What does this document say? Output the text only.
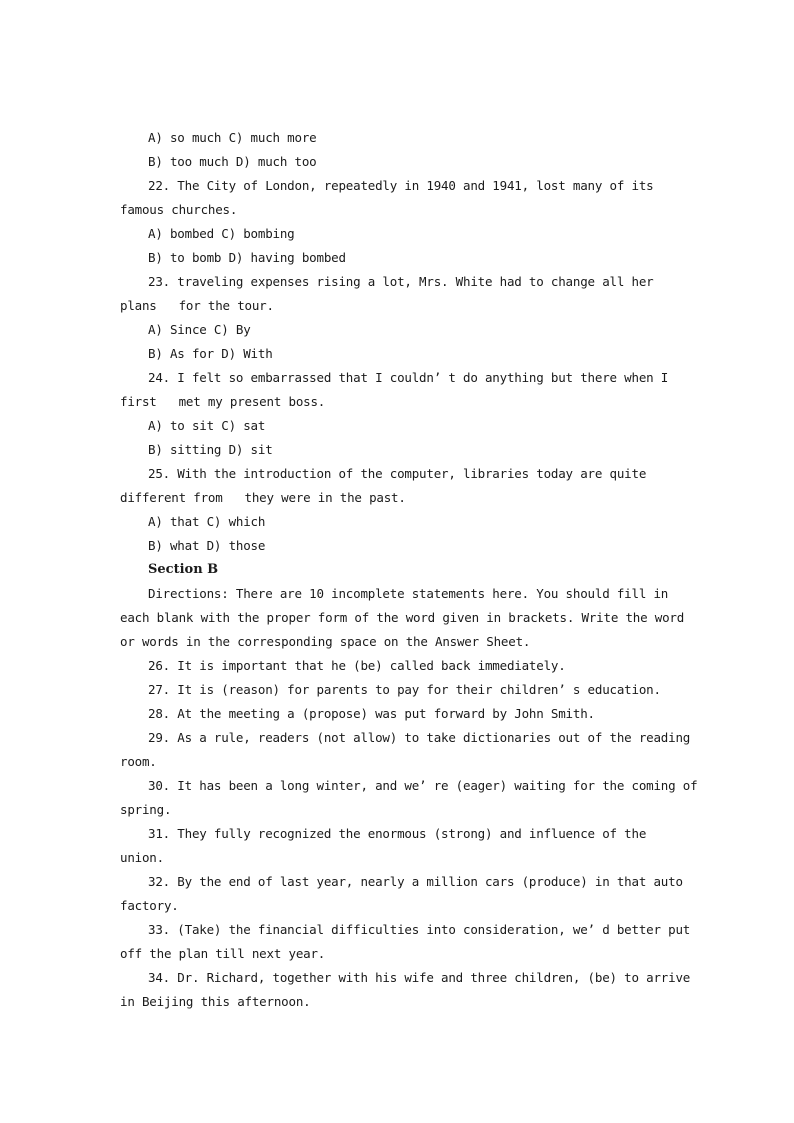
A) so much C) much more
B) too much D) much too
22. The City of London, repeatedly in 1940 and 1941, lost many of its
famous churches.
A) bombed C) bombing
B) to bomb D) having bombed
23. traveling expenses rising a lot, Mrs. White had to change all her
plans   for the tour.
A) Since C) By
B) As for D) With
24. I felt so embarrassed that I couldn’ t do anything but there when I
first   met my present boss.
A) to sit C) sat
B) sitting D) sit
25. With the introduction of the computer, libraries today are quite
different from   they were in the past.
A) that C) which
B) what D) those
Section B
Directions: There are 10 incomplete statements here. You should fill in
each blank with the proper form of the word given in brackets. Write the word
or words in the corresponding space on the Answer Sheet.
26. It is important that he (be) called back immediately.
27. It is (reason) for parents to pay for their children’ s education.
28. At the meeting a (propose) was put forward by John Smith.
29. As a rule, readers (not allow) to take dictionaries out of the reading
room.
30. It has been a long winter, and we’ re (eager) waiting for the coming of
spring.
31. They fully recognized the enormous (strong) and influence of the
union.
32. By the end of last year, nearly a million cars (produce) in that auto
factory.
33. (Take) the financial difficulties into consideration, we’ d better put
off the plan till next year.
34. Dr. Richard, together with his wife and three children, (be) to arrive
in Beijing this afternoon.
